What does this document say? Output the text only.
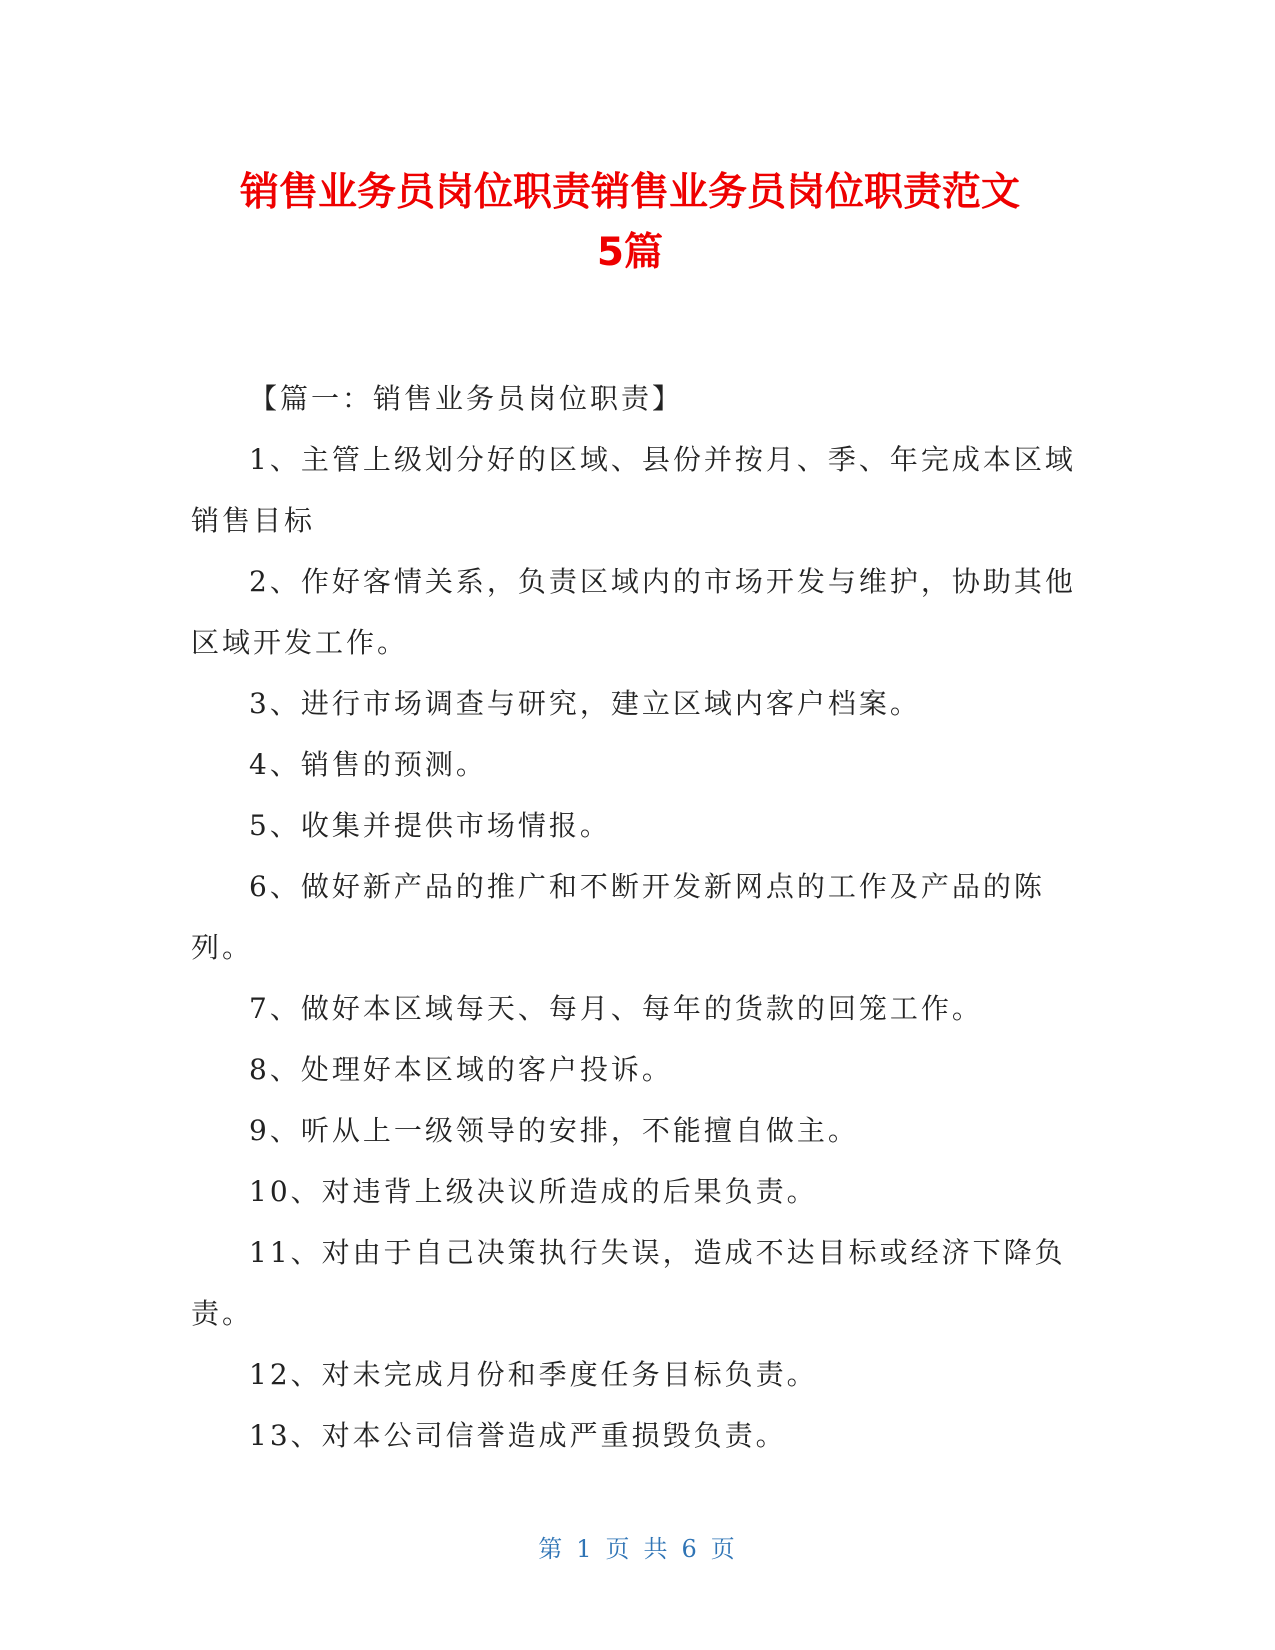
销售业务员岗位职责销售业务员岗位职责范文
5篇

【篇一：销售业务员岗位职责】

1、主管上级划分好的区域、县份并按月、季、年完成本区域销售目标

2、作好客情关系，负责区域内的市场开发与维护，协助其他区域开发工作。

3、进行市场调查与研究，建立区域内客户档案。

4、销售的预测。

5、收集并提供市场情报。

6、做好新产品的推广和不断开发新网点的工作及产品的陈列。

7、做好本区域每天、每月、每年的货款的回笼工作。

8、处理好本区域的客户投诉。

9、听从上一级领导的安排，不能擅自做主。

10、对违背上级决议所造成的后果负责。

11、对由于自己决策执行失误，造成不达目标或经济下降负责。

12、对未完成月份和季度任务目标负责。

13、对本公司信誉造成严重损毁负责。

第 1 页 共 6 页
